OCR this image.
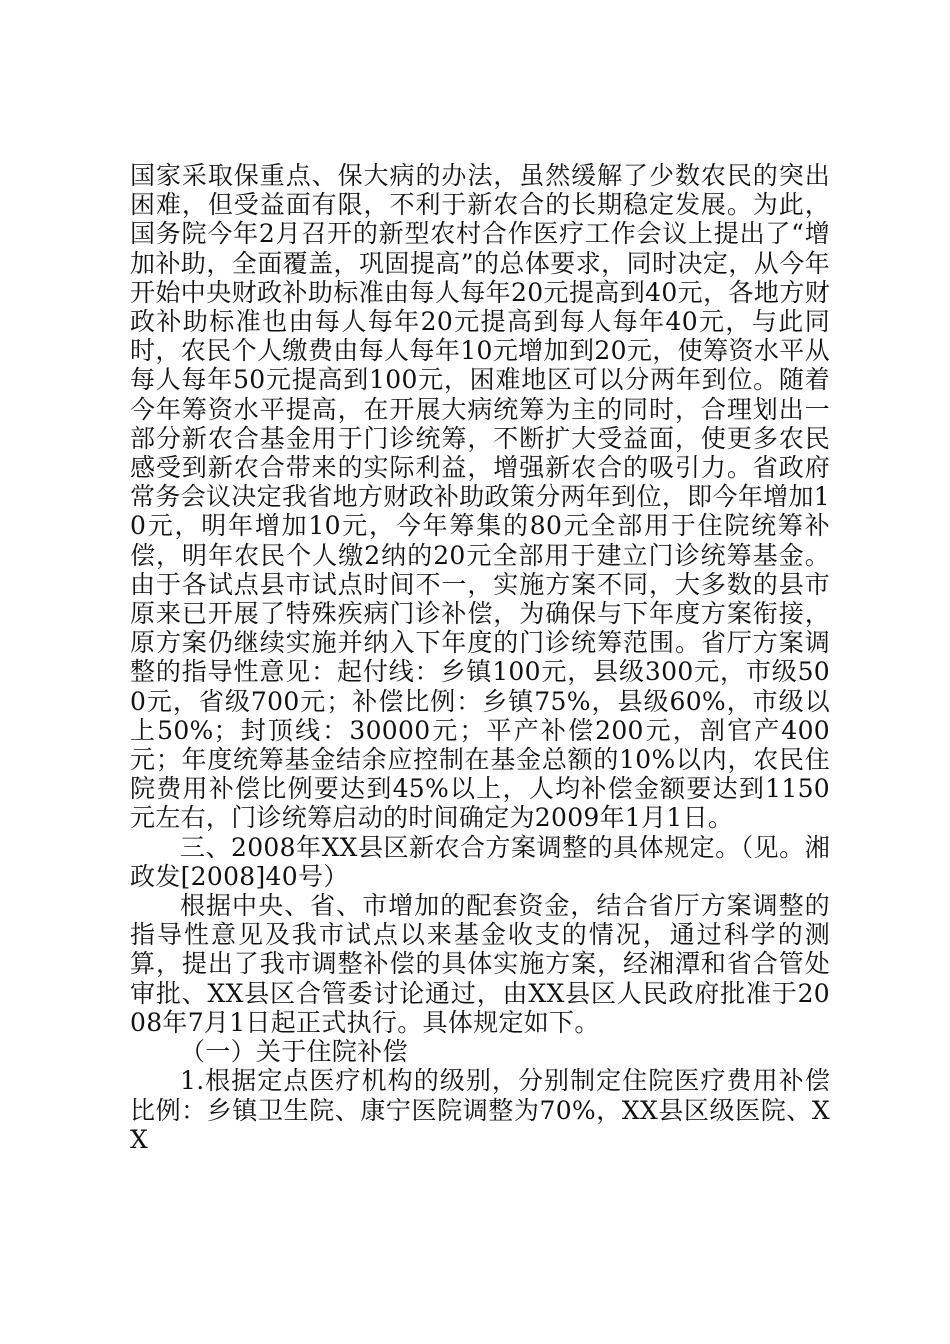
国家采取保重点、保大病的办法，虽然缓解了少数农民的突出困难，但受益面有限，不利于新农合的长期稳定发展。为此，国务院今年2月召开的新型农村合作医疗工作会议上提出了“增加补助，全面覆盖，巩固提高”的总体要求，同时决定，从今年开始中央财政补助标准由每人每年20元提高到40元，各地方财政补助标准也由每人每年20元提高到每人每年40元，与此同时，农民个人缴费由每人每年10元增加到20元，使筹资水平从每人每年50元提高到100元，困难地区可以分两年到位。随着今年筹资水平提高，在开展大病统筹为主的同时，合理划出一部分新农合基金用于门诊统筹，不断扩大受益面，使更多农民感受到新农合带来的实际利益，增强新农合的吸引力。省政府常务会议决定我省地方财政补助政策分两年到位，即今年增加10元，明年增加10元，今年筹集的80元全部用于住院统筹补偿，明年农民个人缴2纳的20元全部用于建立门诊统筹基金。由于各试点县市试点时间不一，实施方案不同，大多数的县市原来已开展了特殊疾病门诊补偿，为确保与下年度方案衔接，原方案仍继续实施并纳入下年度的门诊统筹范围。省厅方案调整的指导性意见：起付线：乡镇100元，县级300元，市级500元，省级700元；补偿比例：乡镇75%，县级60%，市级以上50%；封顶线：30000元；平产补偿200元，剖官产400元；年度统筹基金结余应控制在基金总额的10%以内，农民住院费用补偿比例要达到45%以上，人均补偿金额要达到1150元左右，门诊统筹启动的时间确定为2009年1月1日。

三、2008年XX县区新农合方案调整的具体规定。（见。湘政发[2008]40号）

根据中央、省、市增加的配套资金，结合省厅方案调整的指导性意见及我市试点以来基金收支的情况，通过科学的测算，提出了我市调整补偿的具体实施方案，经湘潭和省合管处审批、XX县区合管委讨论通过，由XX县区人民政府批准于2008年7月1日起正式执行。具体规定如下。

（一）关于住院补偿

1.根据定点医疗机构的级别，分别制定住院医疗费用补偿比例：乡镇卫生院、康宁医院调整为70%，XX县区级医院、XX
